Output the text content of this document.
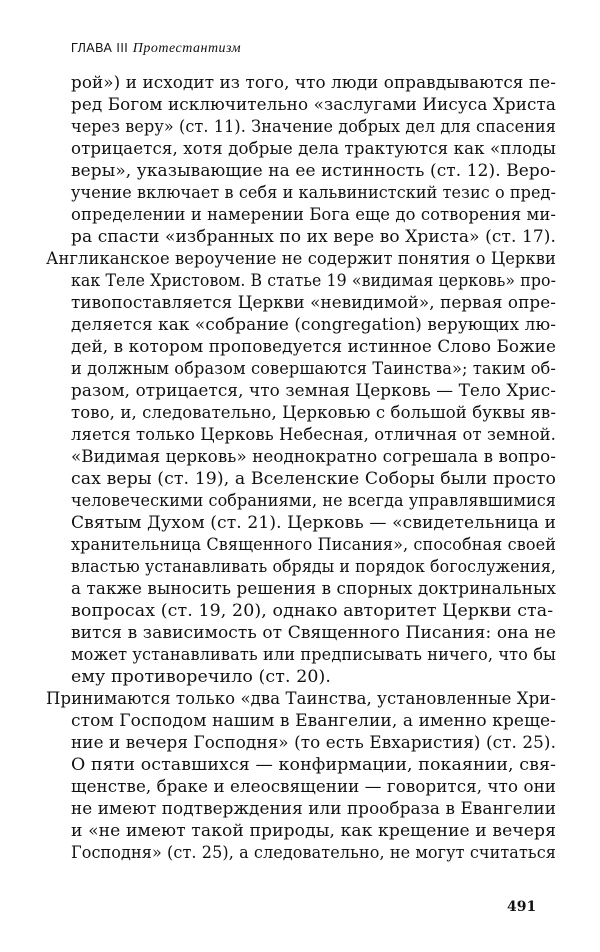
ГЛАВА III Протестантизм
рой») и исходит из того, что люди оправдываются пе-
ред Богом исключительно «заслугами Иисуса Христа
через веру» (ст. 11). Значение добрых дел для спасения
отрицается, хотя добрые дела трактуются как «плоды
веры», указывающие на ее истинность (ст. 12). Веро-
учение включает в себя и кальвинистский тезис о пред-
определении и намерении Бога еще до сотворения ми-
ра спасти «избранных по их вере во Христа» (ст. 17).
Англиканское вероучение не содержит понятия о Церкви
как Теле Христовом. В статье 19 «видимая церковь» про-
тивопоставляется Церкви «невидимой», первая опре-
деляется как «собрание (congregation) верующих лю-
дей, в котором проповедуется истинное Слово Божие
и должным образом совершаются Таинства»; таким об-
разом, отрицается, что земная Церковь — Тело Хрис-
тово, и, следовательно, Церковью с большой буквы яв-
ляется только Церковь Небесная, отличная от земной.
«Видимая церковь» неоднократно согрешала в вопро-
сах веры (ст. 19), а Вселенские Соборы были просто
человеческими собраниями, не всегда управлявшимися
Святым Духом (ст. 21). Церковь — «свидетельница и
хранительница Священного Писания», способная своей
властью устанавливать обряды и порядок богослужения,
а также выносить решения в спорных доктринальных
вопросах (ст. 19, 20), однако авторитет Церкви ста-
вится в зависимость от Священного Писания: она не
может устанавливать или предписывать ничего, что бы
ему противоречило (ст. 20).
Принимаются только «два Таинства, установленные Хри-
стом Господом нашим в Евангелии, а именно креще-
ние и вечеря Господня» (то есть Евхаристия) (ст. 25).
О пяти оставшихся — конфирмации, покаянии, свя-
щенстве, браке и елеосвящении — говорится, что они
не имеют подтверждения или прообраза в Евангелии
и «не имеют такой природы, как крещение и вечеря
Господня» (ст. 25), а следовательно, не могут считаться
491
